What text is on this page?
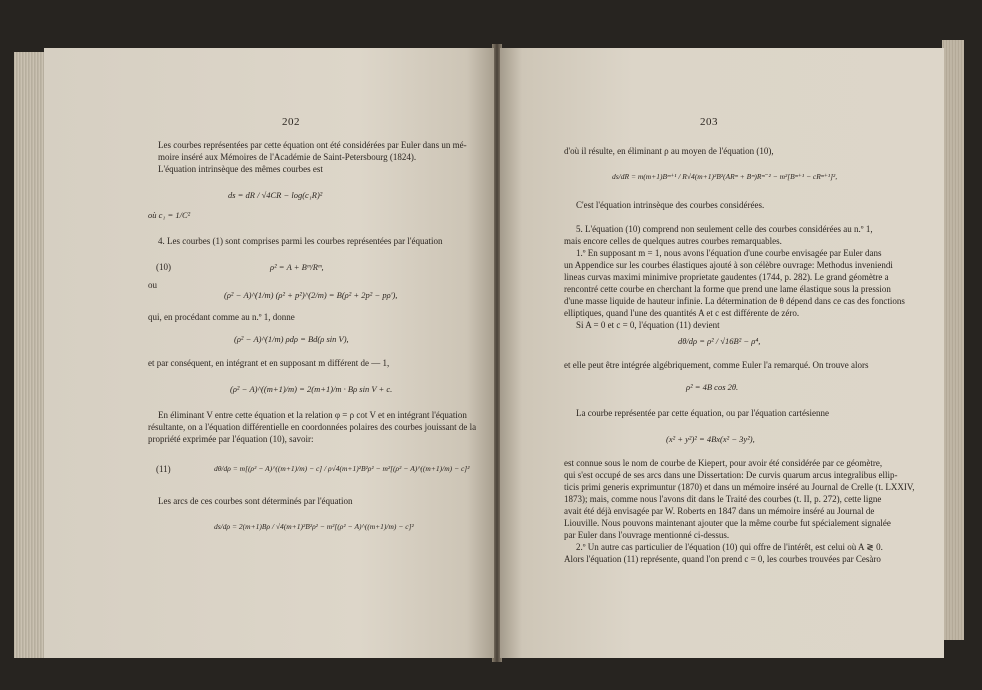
202
Les courbes représentées par cette équation ont été considérées par Euler dans un mé-
moire inséré aux Mémoires de l'Académie de Saint-Petersbourg (1824).
L'équation intrinsèque des mêmes courbes est
ds = dR / √4CR − log(c₁R)²
où c₁ = 1/C²
4. Les courbes (1) sont comprises parmi les courbes représentées par l'équation
(10)	ρ² = A + Bᵐ/Rᵐ,
ou
(ρ² − A)^(1/m) (ρ² + p²)^(2/m) = B(ρ² + 2p² − pρ'),
qui, en procédant comme au n.º 1, donne
(ρ² − A)^(1/m) ρdρ = Bd(ρ sin V),
et par conséquent, en intégrant et en supposant m différent de — 1,
(ρ² − A)^((m+1)/m) = 2(m+1)/m · Bρ sin V + c.
En éliminant V entre cette équation et la relation φ = ρ cot V et en intégrant l'équation
résultante, on a l'équation différentielle en coordonnées polaires des courbes jouissant de la
propriété exprimée par l'équation (10), savoir:
(11)	dθ/dρ = m[(ρ² − A)^((m+1)/m) − c] / ρ√4(m+1)²B²ρ² − m²[(ρ² − A)^((m+1)/m) − c]²
Les arcs de ces courbes sont déterminés par l'équation
ds/dρ = 2(m+1)Bρ / √4(m+1)²B²ρ² − m²[(ρ² − A)^((m+1)/m) − c]²
203
d'où il résulte, en éliminant ρ au moyen de l'équation (10),
ds/dR = m(m+1)Bᵐ⁺¹ / R√4(m+1)²B²(ARᵐ + Bᵐ)Rᵐ⁻² − m²[Bᵐ⁺¹ − cRᵐ⁺¹]²,
C'est l'équation intrinsèque des courbes considérées.
5. L'équation (10) comprend non seulement celle des courbes considérées au n.º 1,
mais encore celles de quelques autres courbes remarquables.
1.º En supposant m = 1, nous avons l'équation d'une courbe envisagée par Euler dans
un Appendice sur les courbes élastiques ajouté à son célèbre ouvrage: Methodus inveniendi
lineas curvas maximi minimive proprietate gaudentes (1744, p. 282). Le grand géomètre a
rencontré cette courbe en cherchant la forme que prend une lame élastique sous la pression
d'une masse liquide de hauteur infinie. La détermination de θ dépend dans ce cas des fonctions
elliptiques, quand l'une des quantités A et c est différente de zéro.
Si A = 0 et c = 0, l'équation (11) devient
dθ/dρ = ρ² / √16B² − ρ⁴,
et elle peut être intégrée algébriquement, comme Euler l'a remarqué. On trouve alors
ρ² = 4B cos 2θ.
La courbe représentée par cette équation, ou par l'équation cartésienne
(x² + y²)² = 4Bx(x² − 3y²),
est connue sous le nom de courbe de Kiepert, pour avoir été considérée par ce géomètre,
qui s'est occupé de ses arcs dans une Dissertation: De curvis quarum arcus integralibus ellip-
ticis primi generis exprimuntur (1870) et dans un mémoire inséré au Journal de Crelle (t. LXXIV,
1873); mais, comme nous l'avons dit dans le Traité des courbes (t. II, p. 272), cette ligne
avait été déjà envisagée par W. Roberts en 1847 dans un mémoire inséré au Journal de
Liouville. Nous pouvons maintenant ajouter que la même courbe fut spécialement signalée
par Euler dans l'ouvrage mentionné ci-dessus.
2.º Un autre cas particulier de l'équation (10) qui offre de l'intérêt, est celui où A ≷ 0.
Alors l'équation (11) représente, quand l'on prend c = 0, les courbes trouvées par Cesàro
